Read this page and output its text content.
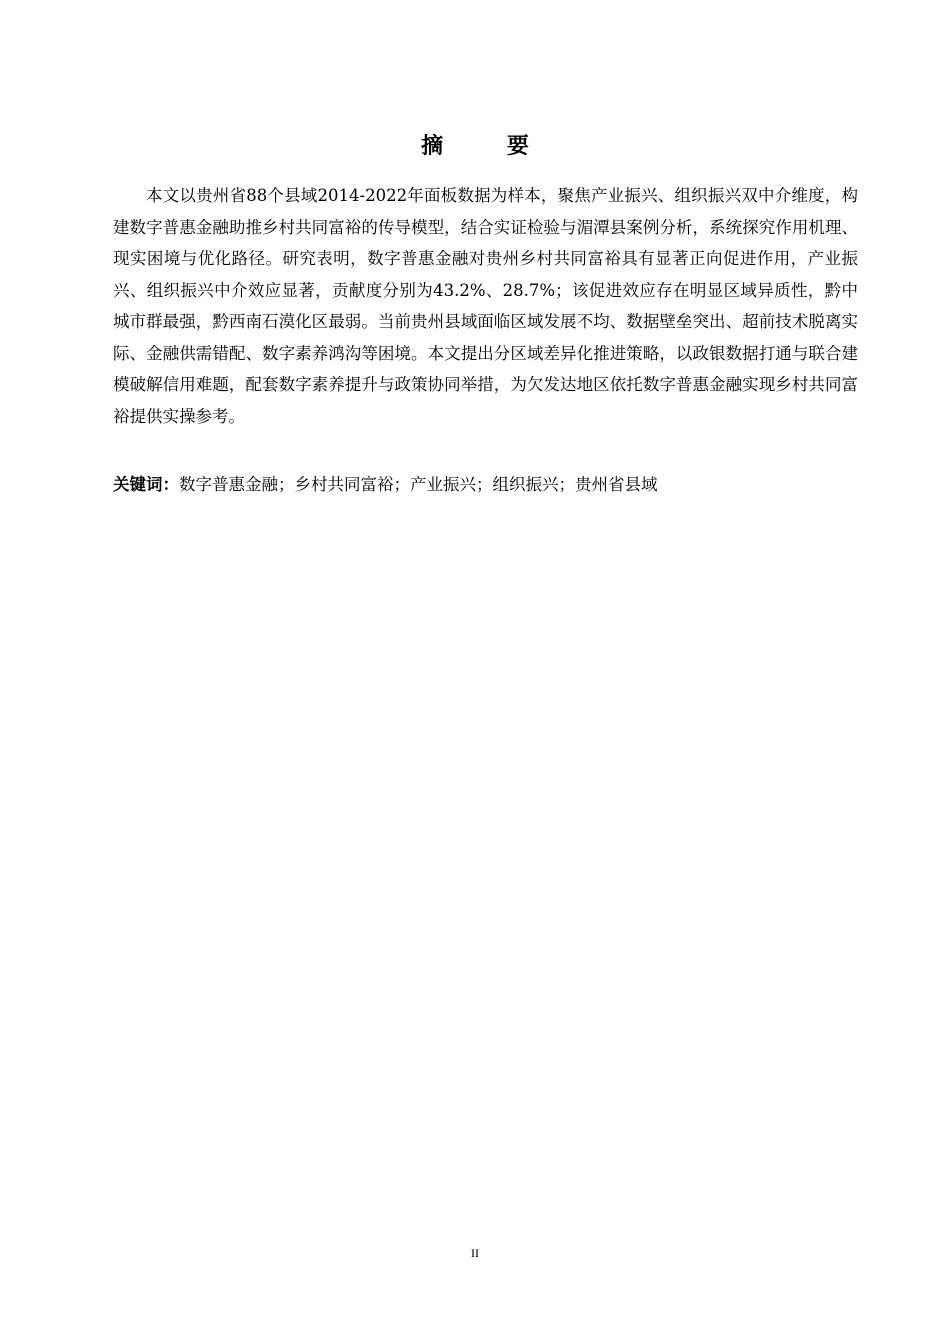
摘 要

本文以贵州省88个县域2014-2022年面板数据为样本，聚焦产业振兴、组织振兴双中介维度，构建数字普惠金融助推乡村共同富裕的传导模型，结合实证检验与湄潭县案例分析，系统探究作用机理、现实困境与优化路径。研究表明，数字普惠金融对贵州乡村共同富裕具有显著正向促进作用，产业振兴、组织振兴中介效应显著，贡献度分别为43.2%、28.7%；该促进效应存在明显区域异质性，黔中城市群最强，黔西南石漠化区最弱。当前贵州县域面临区域发展不均、数据壁垒突出、超前技术脱离实际、金融供需错配、数字素养鸿沟等困境。本文提出分区域差异化推进策略，以政银数据打通与联合建模破解信用难题，配套数字素养提升与政策协同举措，为欠发达地区依托数字普惠金融实现乡村共同富裕提供实操参考。

关键词：数字普惠金融；乡村共同富裕；产业振兴；组织振兴；贵州省县域

II
